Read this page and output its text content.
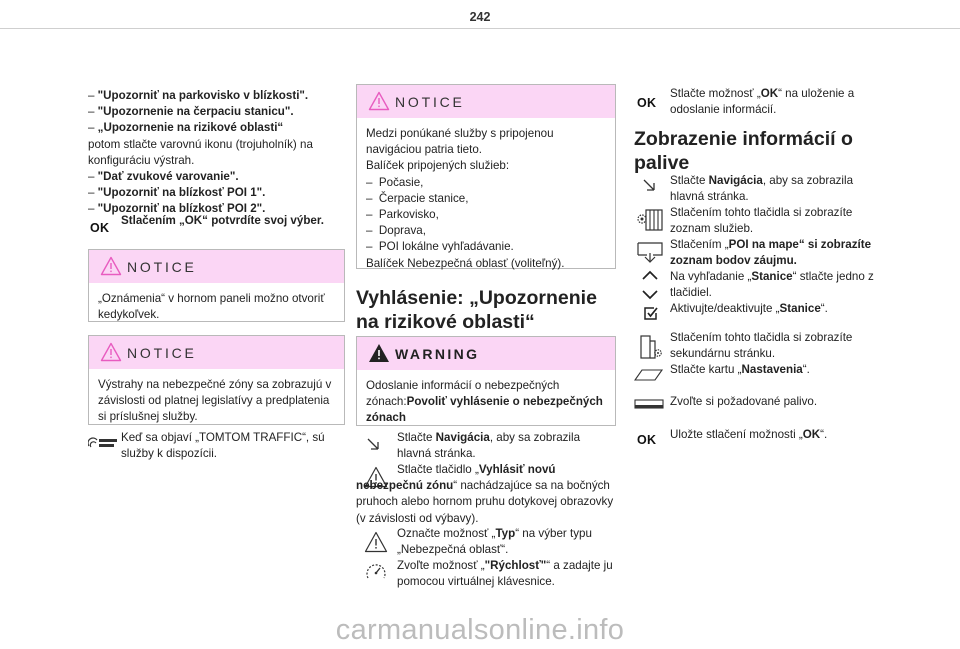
242

– "Upozorniť na parkovisko v blízkosti".

– "Upozornenie na čerpaciu stanicu".

– „Upozornenie na rizikové oblasti“

potom stlačte varovnú ikonu (trojuholník) na konfiguráciu výstrah.

– "Dať zvukové varovanie".

– "Upozorniť na blízkosť POI 1".

– "Upozorniť na blízkosť POI 2".

OK
Stlačením „OK“ potvrdíte svoj výber.
NOTICE
„Oznámenia“ v hornom paneli možno otvoriť kedykoľvek.
NOTICE
Výstrahy na nebezpečné zóny sa zobrazujú v závislosti od platnej legislatívy a predplatenia si príslušnej služby.
Keď sa objaví „TOMTOM TRAFFIC“, sú služby k dispozícii.
NOTICE

Medzi ponúkané služby s pripojenou navigáciou patria tieto.

Balíček pripojených služieb:

–  Počasie,

–  Čerpacie stanice,

–  Parkovisko,

–  Doprava,

–  POI lokálne vyhľadávanie.

Balíček Nebezpečná oblasť (voliteľný).

Vyhlásenie: „Upozornenie na rizikové oblasti“
WARNING
Odoslanie informácií o nebezpečných zónach:Povoliť vyhlásenie o nebezpečných zónach
Stlačte Navigácia, aby sa zobrazila hlavná stránka.
Stlačte tlačidlo „Vyhlásiť novú nebezpečnú zónu“ nachádzajúce sa na bočných pruhoch alebo hornom pruhu dotykovej obrazovky (v závislosti od výbavy).
Označte možnosť „Typ“ na výber typu „Nebezpečná oblasť“.
Zvoľte možnosť „"Rýchlosť"“ a zadajte ju pomocou virtuálnej klávesnice.
OK
Stlačte možnosť „OK“ na uloženie a odoslanie informácií.
Zobrazenie informácií o palive
Stlačte Navigácia, aby sa zobrazila hlavná stránka.
Stlačením tohto tlačidla si zobrazíte zoznam služieb.
Stlačením „POI na mape“ si zobrazíte zoznam bodov záujmu.
Na vyhľadanie „Stanice“ stlačte jedno z tlačidiel.
Aktivujte/deaktivujte „Stanice“.
Stlačením tohto tlačidla si zobrazíte sekundárnu stránku.
Stlačte kartu „Nastavenia“.
Zvoľte si požadované palivo.
OK Uložte stlačení možnosti „OK“.
carmanualsonline.info
